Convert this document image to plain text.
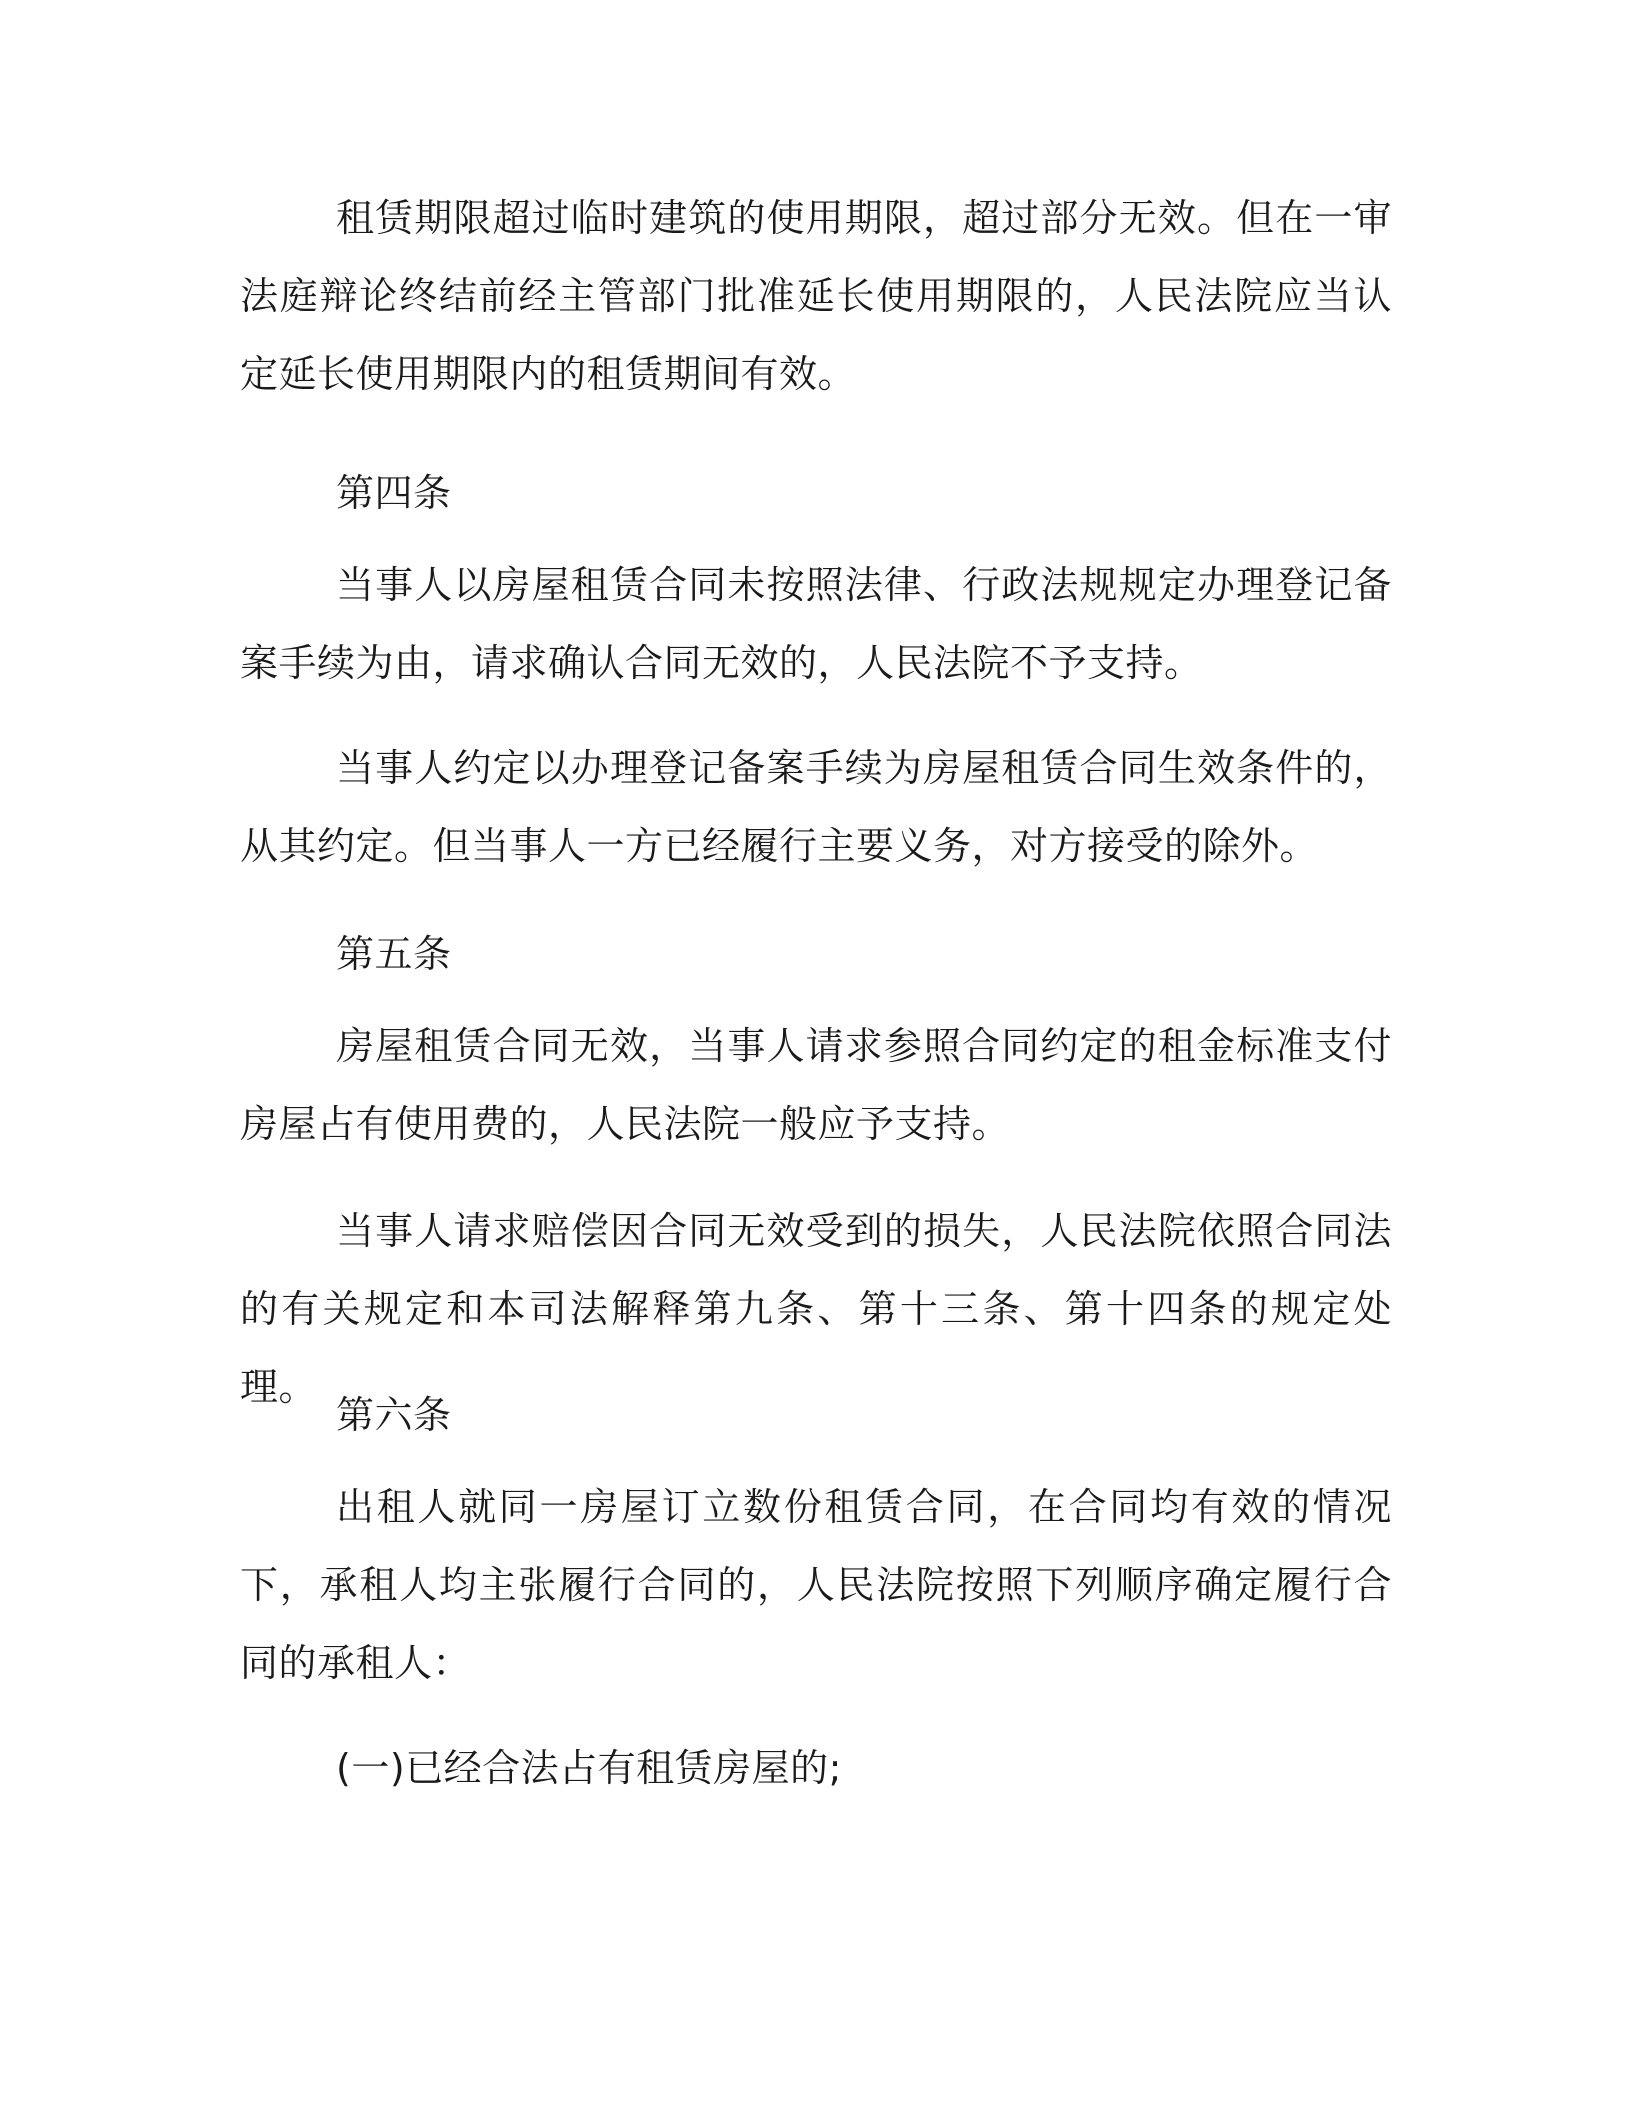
租赁期限超过临时建筑的使用期限，超过部分无效。但在一审法庭辩论终结前经主管部门批准延长使用期限的，人民法院应当认定延长使用期限内的租赁期间有效。

第四条

当事人以房屋租赁合同未按照法律、行政法规规定办理登记备案手续为由，请求确认合同无效的，人民法院不予支持。

当事人约定以办理登记备案手续为房屋租赁合同生效条件的，从其约定。但当事人一方已经履行主要义务，对方接受的除外。

第五条

房屋租赁合同无效，当事人请求参照合同约定的租金标准支付房屋占有使用费的，人民法院一般应予支持。

当事人请求赔偿因合同无效受到的损失，人民法院依照合同法的有关规定和本司法解释第九条、第十三条、第十四条的规定处理。

第六条

出租人就同一房屋订立数份租赁合同，在合同均有效的情况下，承租人均主张履行合同的，人民法院按照下列顺序确定履行合同的承租人：

(一)已经合法占有租赁房屋的;
